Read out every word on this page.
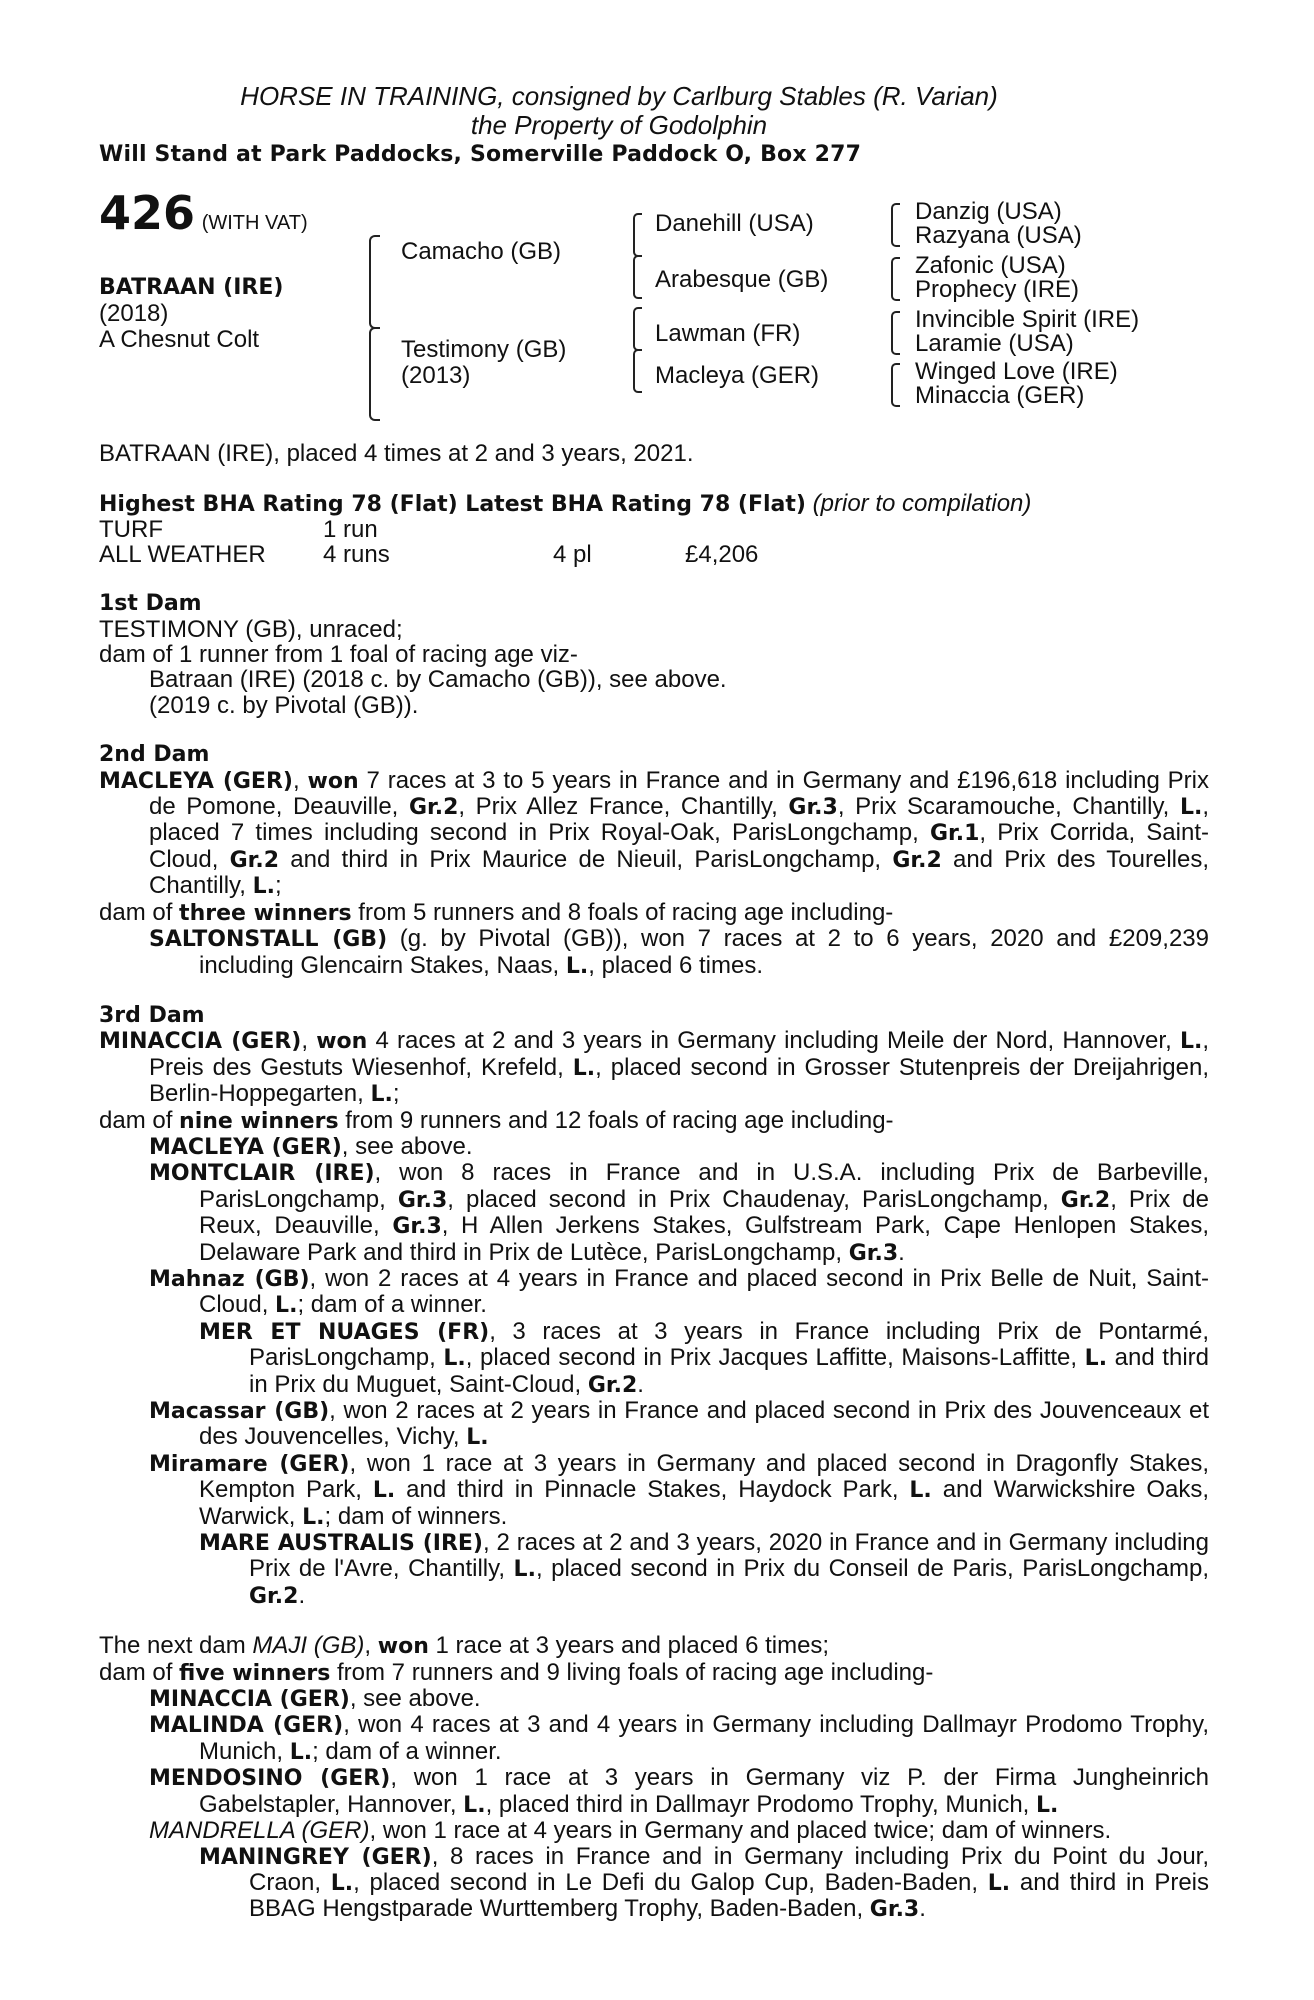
HORSE IN TRAINING, consigned by Carlburg Stables (R. Varian)
the Property of Godolphin
Will Stand at Park Paddocks, Somerville Paddock O, Box 277
426 (WITH VAT)
BATRAAN (IRE)
(2018)
A Chesnut Colt
Camacho (GB)
Testimony (GB)
(2013)
Danehill (USA)
Arabesque (GB)
Lawman (FR)
Macleya (GER)
Danzig (USA)
Razyana (USA)
Zafonic (USA)
Prophecy (IRE)
Invincible Spirit (IRE)
Laramie (USA)
Winged Love (IRE)
Minaccia (GER)

BATRAAN (IRE), placed 4 times at 2 and 3 years, 2021.

Highest BHA Rating 78 (Flat) Latest BHA Rating 78 (Flat) (prior to compilation)

TURF	1 run		
ALL WEATHER	4 runs	4 pl	£4,206

1st Dam

TESTIMONY (GB), unraced;

dam of 1 runner from 1 foal of racing age viz-

Batraan (IRE) (2018 c. by Camacho (GB)), see above.

(2019 c. by Pivotal (GB)).

2nd Dam

MACLEYA (GER), won 7 races at 3 to 5 years in France and in Germany and £196,618 including Prix de Pomone, Deauville, Gr.2, Prix Allez France, Chantilly, Gr.3, Prix Scaramouche, Chantilly, L., placed 7 times including second in Prix Royal-Oak, ParisLongchamp, Gr.1, Prix Corrida, Saint-Cloud, Gr.2 and third in Prix Maurice de Nieuil, ParisLongchamp, Gr.2 and Prix des Tourelles, Chantilly, L.;

dam of three winners from 5 runners and 8 foals of racing age including-

SALTONSTALL (GB) (g. by Pivotal (GB)), won 7 races at 2 to 6 years, 2020 and £209,239 including Glencairn Stakes, Naas, L., placed 6 times.

3rd Dam

MINACCIA (GER), won 4 races at 2 and 3 years in Germany including Meile der Nord, Hannover, L., Preis des Gestuts Wiesenhof, Krefeld, L., placed second in Grosser Stutenpreis der Dreijahrigen, Berlin-Hoppegarten, L.;

dam of nine winners from 9 runners and 12 foals of racing age including-

MACLEYA (GER), see above.

MONTCLAIR (IRE), won 8 races in France and in U.S.A. including Prix de Barbeville, ParisLongchamp, Gr.3, placed second in Prix Chaudenay, ParisLongchamp, Gr.2, Prix de Reux, Deauville, Gr.3, H Allen Jerkens Stakes, Gulfstream Park, Cape Henlopen Stakes, Delaware Park and third in Prix de Lutèce, ParisLongchamp, Gr.3.

Mahnaz (GB), won 2 races at 4 years in France and placed second in Prix Belle de Nuit, Saint-Cloud, L.; dam of a winner.

MER ET NUAGES (FR), 3 races at 3 years in France including Prix de Pontarmé, ParisLongchamp, L., placed second in Prix Jacques Laffitte, Maisons-Laffitte, L. and third in Prix du Muguet, Saint-Cloud, Gr.2.

Macassar (GB), won 2 races at 2 years in France and placed second in Prix des Jouvenceaux et des Jouvencelles, Vichy, L.

Miramare (GER), won 1 race at 3 years in Germany and placed second in Dragonfly Stakes, Kempton Park, L. and third in Pinnacle Stakes, Haydock Park, L. and Warwickshire Oaks, Warwick, L.; dam of winners.

MARE AUSTRALIS (IRE), 2 races at 2 and 3 years, 2020 in France and in Germany including Prix de l'Avre, Chantilly, L., placed second in Prix du Conseil de Paris, ParisLongchamp, Gr.2.

The next dam MAJI (GB), won 1 race at 3 years and placed 6 times;

dam of five winners from 7 runners and 9 living foals of racing age including-

MINACCIA (GER), see above.

MALINDA (GER), won 4 races at 3 and 4 years in Germany including Dallmayr Prodomo Trophy, Munich, L.; dam of a winner.

MENDOSINO (GER), won 1 race at 3 years in Germany viz P. der Firma Jungheinrich Gabelstapler, Hannover, L., placed third in Dallmayr Prodomo Trophy, Munich, L.

MANDRELLA (GER), won 1 race at 4 years in Germany and placed twice; dam of winners.

MANINGREY (GER), 8 races in France and in Germany including Prix du Point du Jour, Craon, L., placed second in Le Defi du Galop Cup, Baden-Baden, L. and third in Preis BBAG Hengstparade Wurttemberg Trophy, Baden-Baden, Gr.3.
